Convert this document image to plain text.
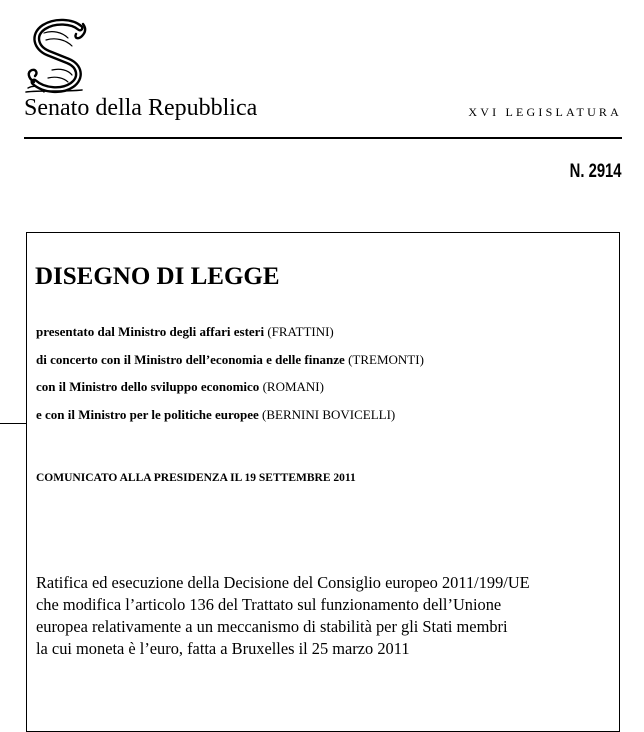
Senato della Repubblica	XVI LEGISLATURA
N. 2914
DISEGNO DI LEGGE
presentato dal Ministro degli affari esteri (FRATTINI)
di concerto con il Ministro dell’economia e delle finanze (TREMONTI)
con il Ministro dello sviluppo economico (ROMANI)
e con il Ministro per le politiche europee (BERNINI BOVICELLI)
COMUNICATO ALLA PRESIDENZA IL 19 SETTEMBRE 2011

Ratifica ed esecuzione della Decisione del Consiglio europeo 2011/199/UE
che modifica l’articolo 136 del Trattato sul funzionamento dell’Unione
europea relativamente a un meccanismo di stabilità per gli Stati membri
la cui moneta è l’euro, fatta a Bruxelles il 25 marzo 2011
